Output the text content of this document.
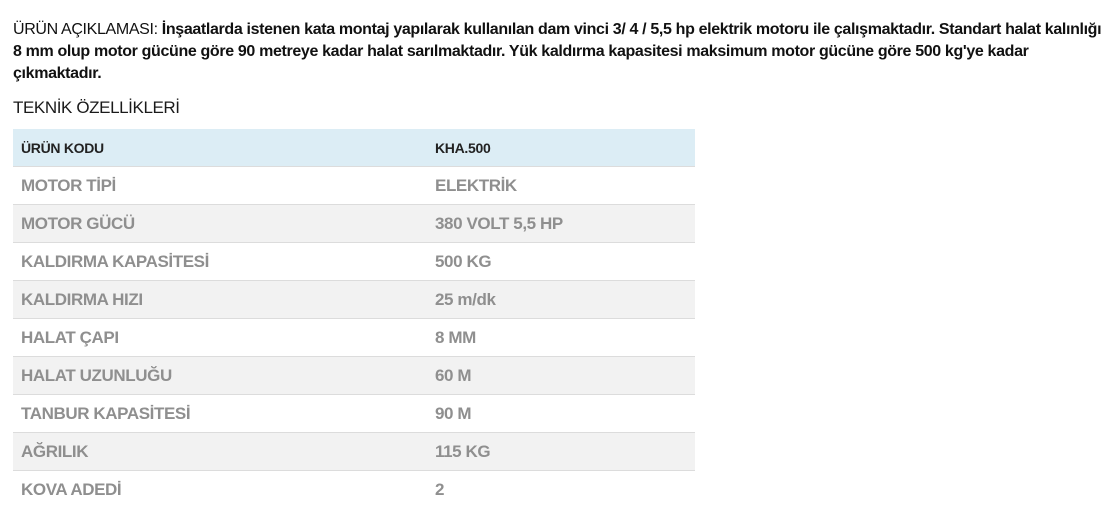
ÜRÜN AÇIKLAMASI: İnşaatlarda istenen kata montaj yapılarak kullanılan dam vinci 3/ 4 / 5,5 hp elektrik motoru ile çalışmaktadır. Standart halat kalınlığı 8 mm olup motor gücüne göre 90 metreye kadar halat sarılmaktadır. Yük kaldırma kapasitesi maksimum motor gücüne göre 500 kg'ye kadar çıkmaktadır.

TEKNİK ÖZELLİKLERİ
ÜRÜN KODU	KHA.500
MOTOR TİPİ	ELEKTRİK
MOTOR GÜCÜ	380 VOLT 5,5 HP
KALDIRMA KAPASİTESİ	500 KG
KALDIRMA HIZI	25 m/dk
HALAT ÇAPI	8 MM
HALAT UZUNLUĞU	60 M
TANBUR KAPASİTESİ	90 M
AĞRILIK	115 KG
KOVA ADEDİ	2
